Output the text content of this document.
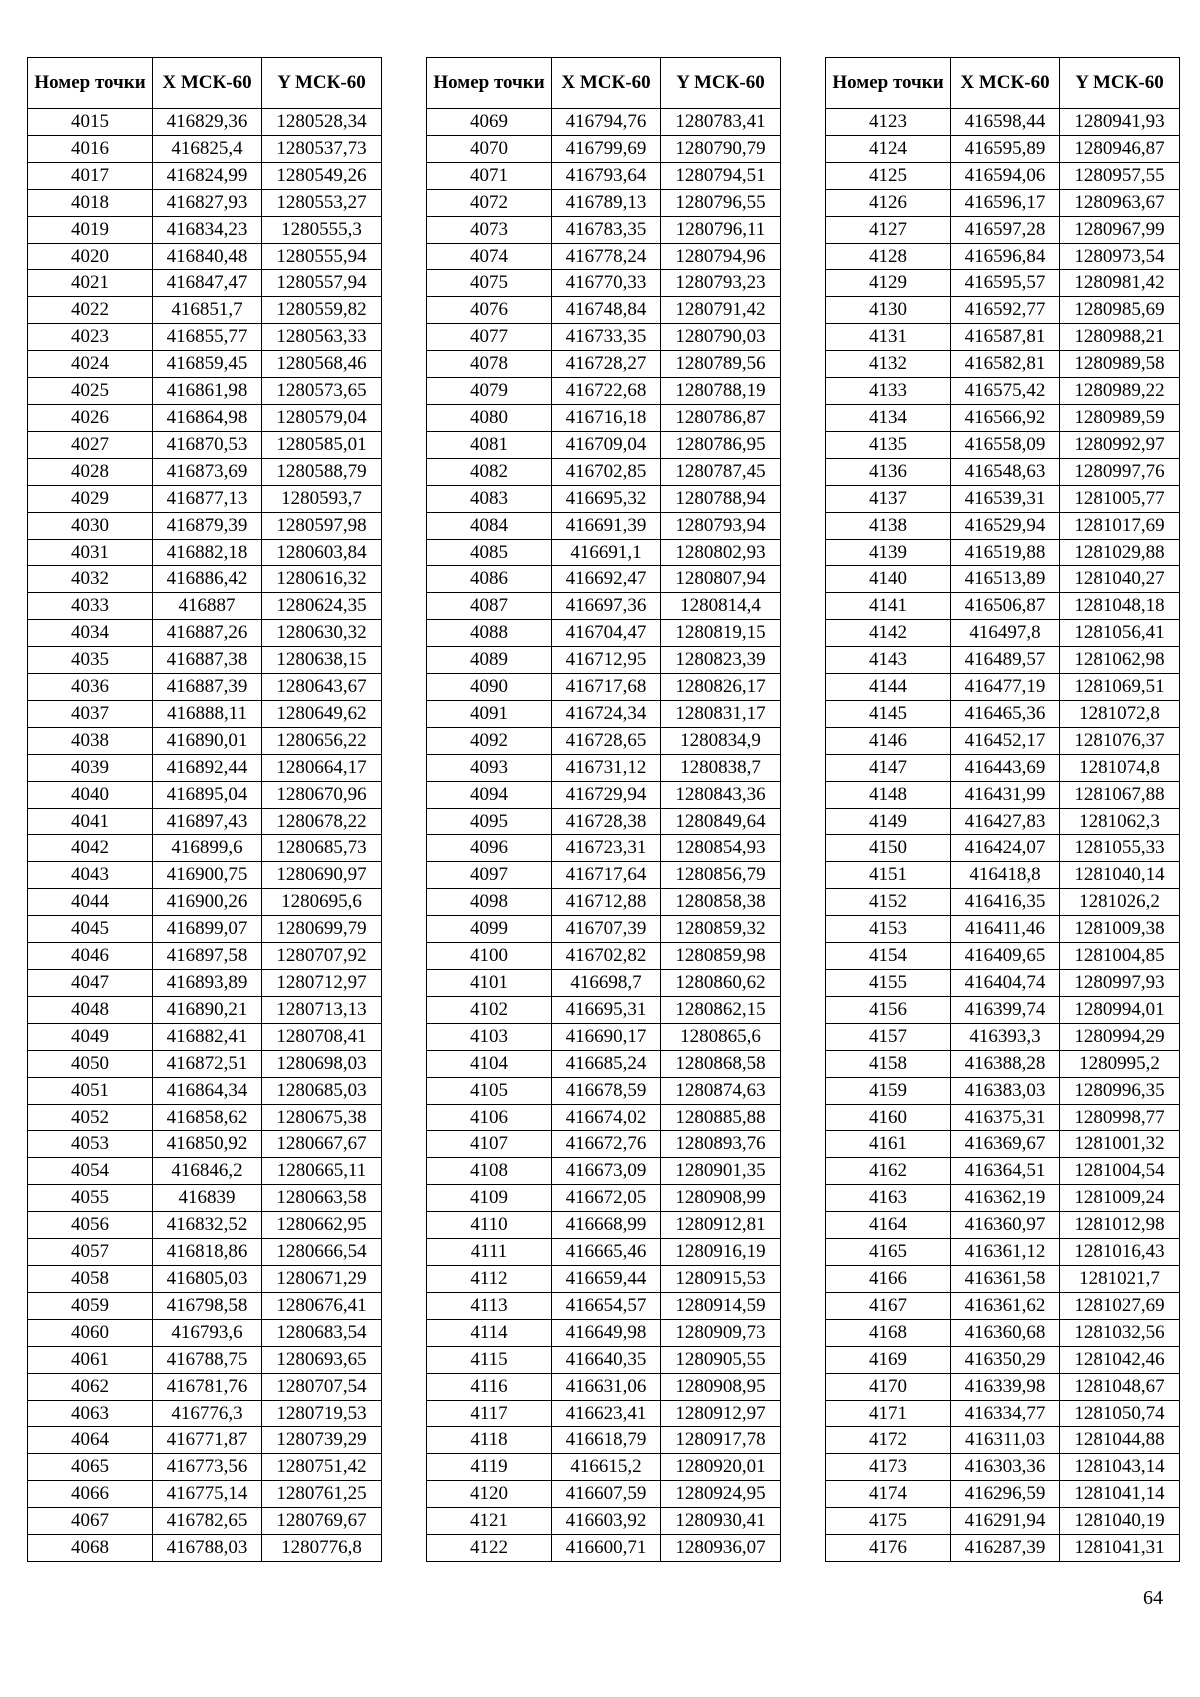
Номер точки	X МСК-60	Y МСК-60
4015	416829,36	1280528,34
4016	416825,4	1280537,73
4017	416824,99	1280549,26
4018	416827,93	1280553,27
4019	416834,23	1280555,3
4020	416840,48	1280555,94
4021	416847,47	1280557,94
4022	416851,7	1280559,82
4023	416855,77	1280563,33
4024	416859,45	1280568,46
4025	416861,98	1280573,65
4026	416864,98	1280579,04
4027	416870,53	1280585,01
4028	416873,69	1280588,79
4029	416877,13	1280593,7
4030	416879,39	1280597,98
4031	416882,18	1280603,84
4032	416886,42	1280616,32
4033	416887	1280624,35
4034	416887,26	1280630,32
4035	416887,38	1280638,15
4036	416887,39	1280643,67
4037	416888,11	1280649,62
4038	416890,01	1280656,22
4039	416892,44	1280664,17
4040	416895,04	1280670,96
4041	416897,43	1280678,22
4042	416899,6	1280685,73
4043	416900,75	1280690,97
4044	416900,26	1280695,6
4045	416899,07	1280699,79
4046	416897,58	1280707,92
4047	416893,89	1280712,97
4048	416890,21	1280713,13
4049	416882,41	1280708,41
4050	416872,51	1280698,03
4051	416864,34	1280685,03
4052	416858,62	1280675,38
4053	416850,92	1280667,67
4054	416846,2	1280665,11
4055	416839	1280663,58
4056	416832,52	1280662,95
4057	416818,86	1280666,54
4058	416805,03	1280671,29
4059	416798,58	1280676,41
4060	416793,6	1280683,54
4061	416788,75	1280693,65
4062	416781,76	1280707,54
4063	416776,3	1280719,53
4064	416771,87	1280739,29
4065	416773,56	1280751,42
4066	416775,14	1280761,25
4067	416782,65	1280769,67
4068	416788,03	1280776,8
Номер точки	X МСК-60	Y МСК-60
4069	416794,76	1280783,41
4070	416799,69	1280790,79
4071	416793,64	1280794,51
4072	416789,13	1280796,55
4073	416783,35	1280796,11
4074	416778,24	1280794,96
4075	416770,33	1280793,23
4076	416748,84	1280791,42
4077	416733,35	1280790,03
4078	416728,27	1280789,56
4079	416722,68	1280788,19
4080	416716,18	1280786,87
4081	416709,04	1280786,95
4082	416702,85	1280787,45
4083	416695,32	1280788,94
4084	416691,39	1280793,94
4085	416691,1	1280802,93
4086	416692,47	1280807,94
4087	416697,36	1280814,4
4088	416704,47	1280819,15
4089	416712,95	1280823,39
4090	416717,68	1280826,17
4091	416724,34	1280831,17
4092	416728,65	1280834,9
4093	416731,12	1280838,7
4094	416729,94	1280843,36
4095	416728,38	1280849,64
4096	416723,31	1280854,93
4097	416717,64	1280856,79
4098	416712,88	1280858,38
4099	416707,39	1280859,32
4100	416702,82	1280859,98
4101	416698,7	1280860,62
4102	416695,31	1280862,15
4103	416690,17	1280865,6
4104	416685,24	1280868,58
4105	416678,59	1280874,63
4106	416674,02	1280885,88
4107	416672,76	1280893,76
4108	416673,09	1280901,35
4109	416672,05	1280908,99
4110	416668,99	1280912,81
4111	416665,46	1280916,19
4112	416659,44	1280915,53
4113	416654,57	1280914,59
4114	416649,98	1280909,73
4115	416640,35	1280905,55
4116	416631,06	1280908,95
4117	416623,41	1280912,97
4118	416618,79	1280917,78
4119	416615,2	1280920,01
4120	416607,59	1280924,95
4121	416603,92	1280930,41
4122	416600,71	1280936,07
Номер точки	X МСК-60	Y МСК-60
4123	416598,44	1280941,93
4124	416595,89	1280946,87
4125	416594,06	1280957,55
4126	416596,17	1280963,67
4127	416597,28	1280967,99
4128	416596,84	1280973,54
4129	416595,57	1280981,42
4130	416592,77	1280985,69
4131	416587,81	1280988,21
4132	416582,81	1280989,58
4133	416575,42	1280989,22
4134	416566,92	1280989,59
4135	416558,09	1280992,97
4136	416548,63	1280997,76
4137	416539,31	1281005,77
4138	416529,94	1281017,69
4139	416519,88	1281029,88
4140	416513,89	1281040,27
4141	416506,87	1281048,18
4142	416497,8	1281056,41
4143	416489,57	1281062,98
4144	416477,19	1281069,51
4145	416465,36	1281072,8
4146	416452,17	1281076,37
4147	416443,69	1281074,8
4148	416431,99	1281067,88
4149	416427,83	1281062,3
4150	416424,07	1281055,33
4151	416418,8	1281040,14
4152	416416,35	1281026,2
4153	416411,46	1281009,38
4154	416409,65	1281004,85
4155	416404,74	1280997,93
4156	416399,74	1280994,01
4157	416393,3	1280994,29
4158	416388,28	1280995,2
4159	416383,03	1280996,35
4160	416375,31	1280998,77
4161	416369,67	1281001,32
4162	416364,51	1281004,54
4163	416362,19	1281009,24
4164	416360,97	1281012,98
4165	416361,12	1281016,43
4166	416361,58	1281021,7
4167	416361,62	1281027,69
4168	416360,68	1281032,56
4169	416350,29	1281042,46
4170	416339,98	1281048,67
4171	416334,77	1281050,74
4172	416311,03	1281044,88
4173	416303,36	1281043,14
4174	416296,59	1281041,14
4175	416291,94	1281040,19
4176	416287,39	1281041,31
64
